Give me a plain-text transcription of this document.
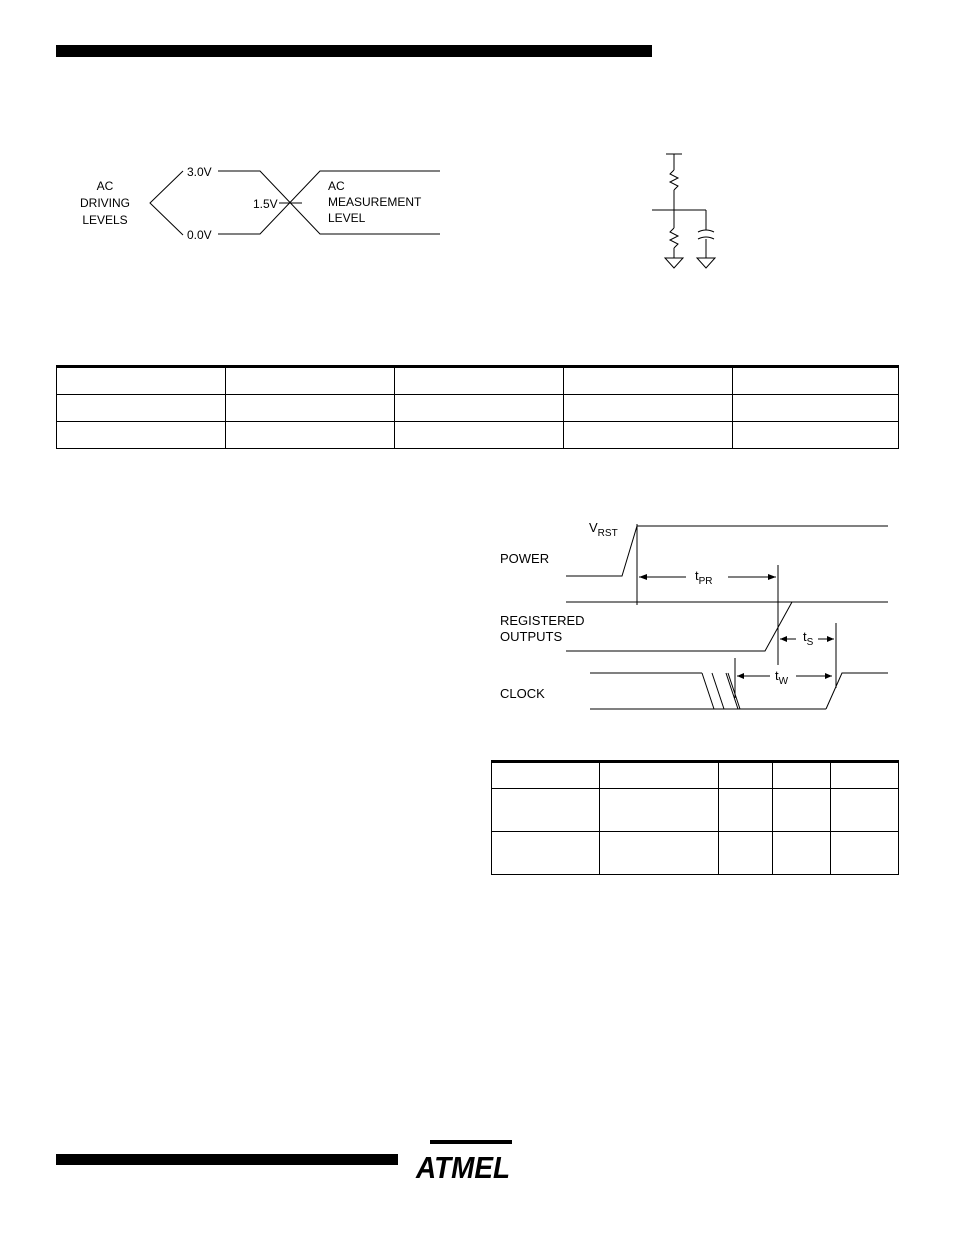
AC
DRIVING
LEVELS
3.0V
0.0V
1.5V
AC
MEASUREMENT
LEVEL

$V_{RST}$
POWER
$t_{PR}$
REGISTERED
OUTPUTS	$t_S$
CLOCK
$t_W$

ATMEL
